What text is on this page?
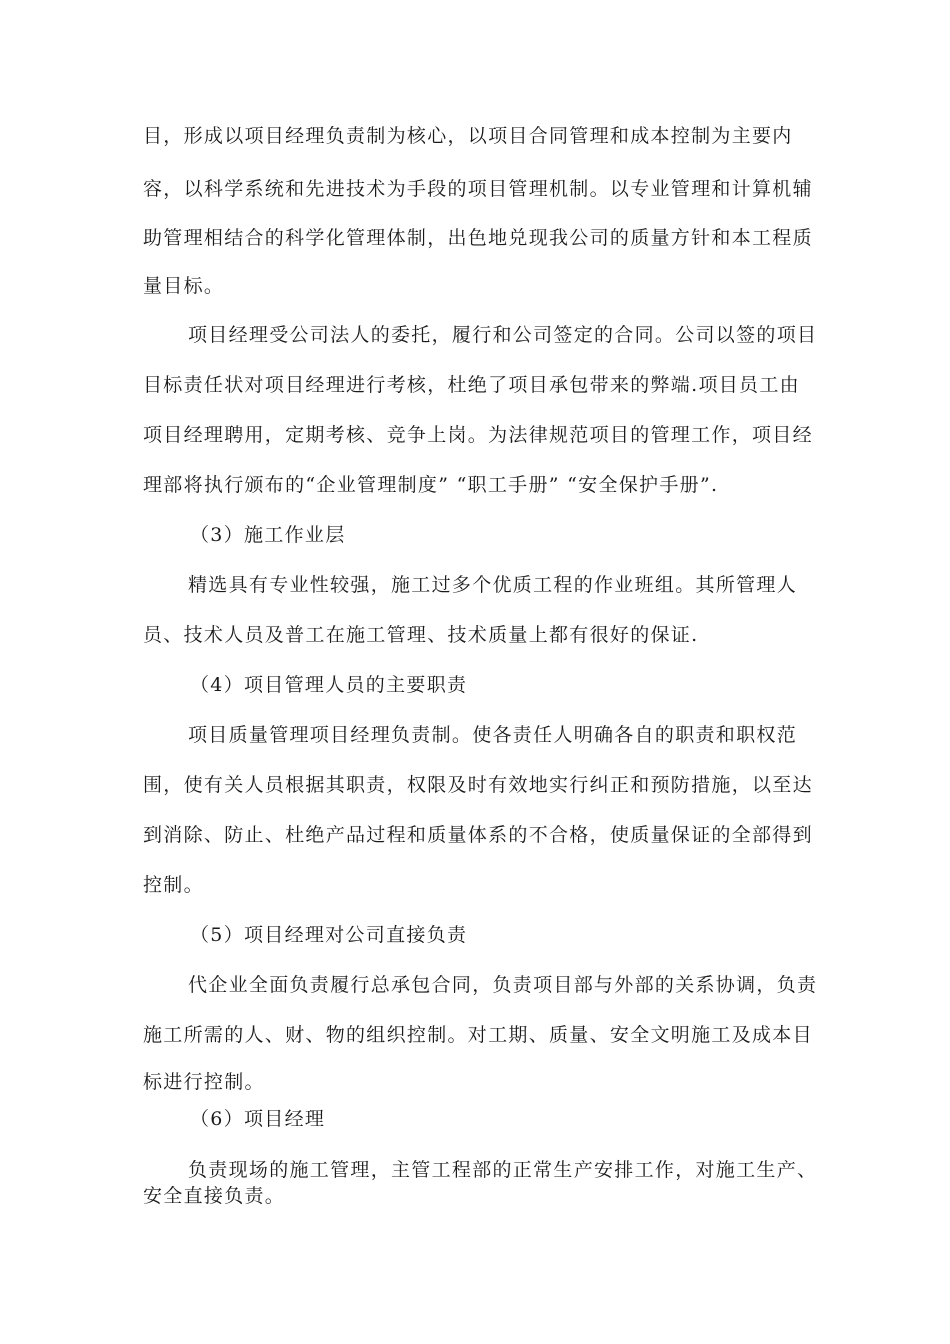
目，形成以项目经理负责制为核心，以项目合同管理和成本控制为主要内
容，以科学系统和先进技术为手段的项目管理机制。以专业管理和计算机辅
助管理相结合的科学化管理体制，出色地兑现我公司的质量方针和本工程质
量目标。
项目经理受公司法人的委托，履行和公司签定的合同。公司以签的项目
目标责任状对项目经理进行考核，杜绝了项目承包带来的弊端.项目员工由
项目经理聘用，定期考核、竞争上岗。为法律规范项目的管理工作，项目经
理部将执行颁布的“企业管理制度” “职工手册” “安全保护手册”.
（3）施工作业层
精选具有专业性较强，施工过多个优质工程的作业班组。其所管理人
员、技术人员及普工在施工管理、技术质量上都有很好的保证.
（4）项目管理人员的主要职责
项目质量管理项目经理负责制。使各责任人明确各自的职责和职权范
围，使有关人员根据其职责，权限及时有效地实行纠正和预防措施，以至达
到消除、防止、杜绝产品过程和质量体系的不合格，使质量保证的全部得到
控制。
（5）项目经理对公司直接负责
代企业全面负责履行总承包合同，负责项目部与外部的关系协调，负责
施工所需的人、财、物的组织控制。对工期、质量、安全文明施工及成本目
标进行控制。
（6）项目经理
负责现场的施工管理，主管工程部的正常生产安排工作，对施工生产、
安全直接负责。
